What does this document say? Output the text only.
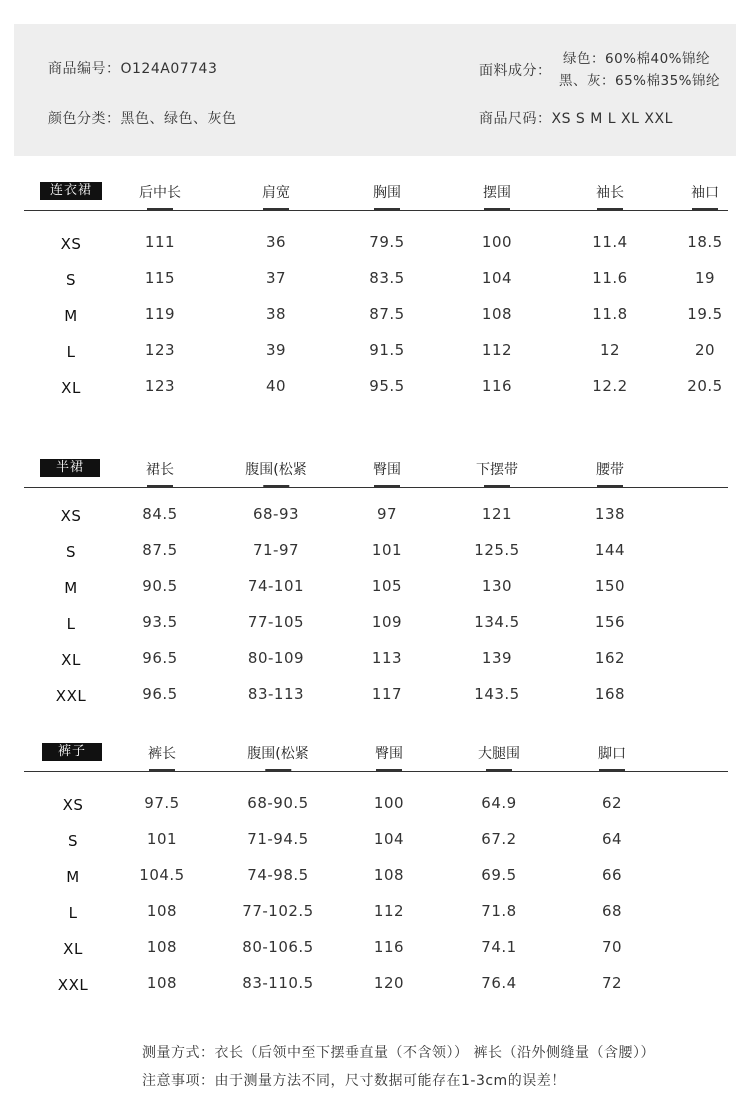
商品编号：O124A07743
颜色分类：黑色、绿色、灰色
面料成分：
绿色：60%棉40%锦纶
黑、灰：65%棉35%锦纶
商品尺码：XS S M L XL XXL
连衣裙	后中长	肩宽	胸围	摆围	袖长	袖口
XS	111	36	79.5	100	11.4	18.5
S	115	37	83.5	104	11.6	19
M	119	38	87.5	108	11.8	19.5
L	123	39	91.5	112	12	20
XL	123	40	95.5	116	12.2	20.5
半裙	裙长	腹围(松紧	臀围	下摆带	腰带
XS	84.5	68-93	97	121	138
S	87.5	71-97	101	125.5	144
M	90.5	74-101	105	130	150
L	93.5	77-105	109	134.5	156
XL	96.5	80-109	113	139	162
XXL	96.5	83-113	117	143.5	168
裤子	裤长	腹围(松紧	臀围	大腿围	脚口
XS	97.5	68-90.5	100	64.9	62
S	101	71-94.5	104	67.2	64
M	104.5	74-98.5	108	69.5	66
L	108	77-102.5	112	71.8	68
XL	108	80-106.5	116	74.1	70
XXL	108	83-110.5	120	76.4	72
测量方式：衣长（后领中至下摆垂直量（不含领）） 裤长（沿外侧缝量（含腰））
注意事项：由于测量方法不同，尺寸数据可能存在1-3cm的误差！
